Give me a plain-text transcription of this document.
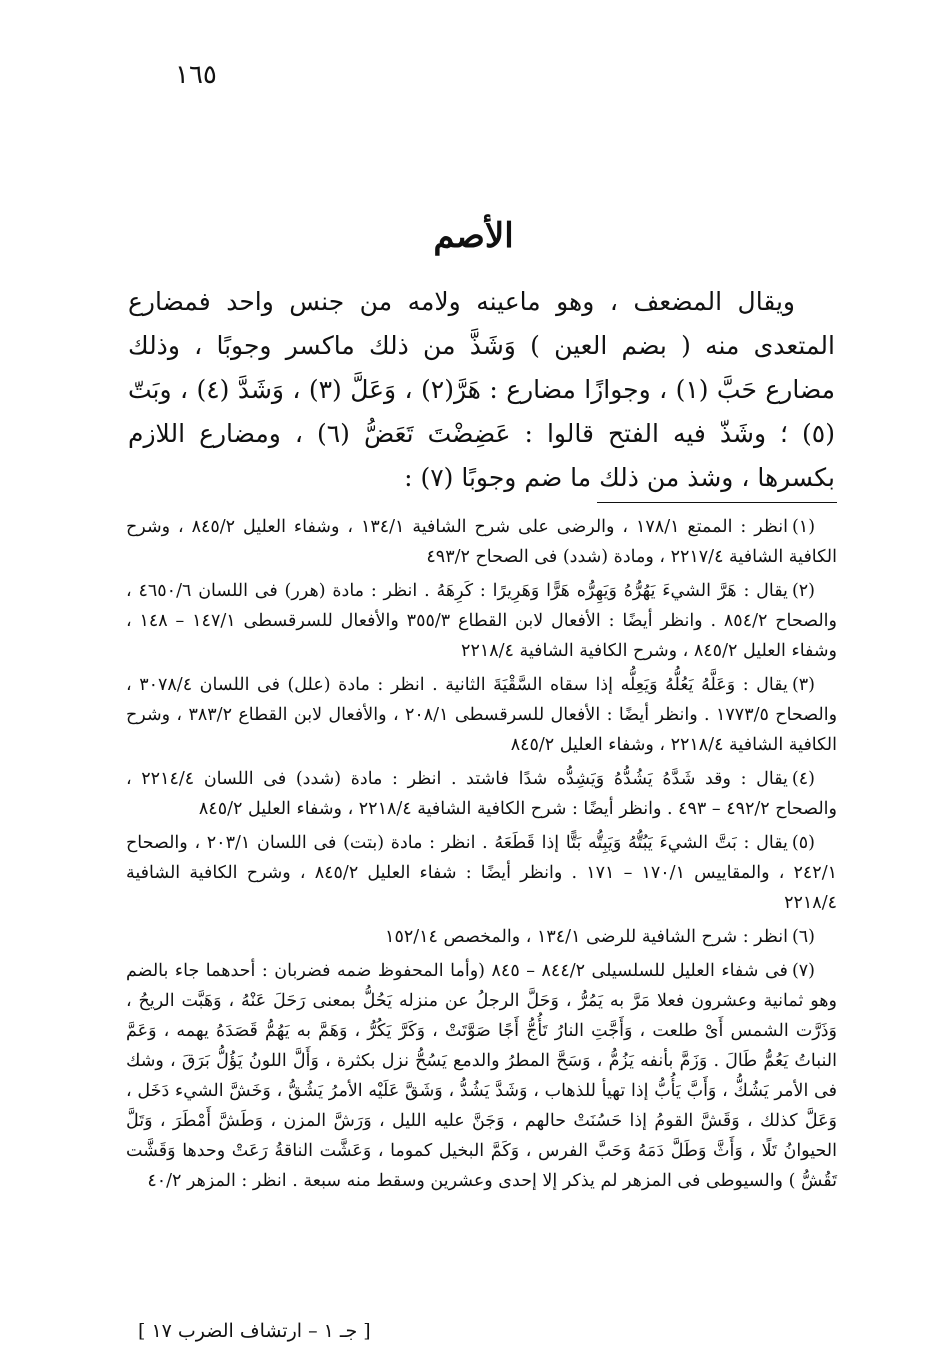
١٦٥
الأصم

ويقال المضعف ، وهو ماعينه ولامه من جنس واحد فمضارع المتعدى منه ( بضم العين ) وَشَذَّ من ذلك ماكسر وجوبًا ، وذلك مضارع حَبَّ (١) ، وجوازًا مضارع : هَرَّ(٢) ، وَعَلَّ (٣) ، وَشَدَّ (٤) ، وبَتّ (٥) ؛ وشَذّ فيه الفتح قالوا : عَضِضْتَ تَعَضُّ (٦) ، ومضارع اللازم بكسرها ، وشذ من ذلك ما ضم وجوبًا (٧) :

(١)انظر : الممتع ١٧٨/١ ، والرضى على شرح الشافية ١٣٤/١ ، وشفاء العليل ٨٤٥/٢ ، وشرح الكافية الشافية ٢٢١٧/٤ ، ومادة (شدد) فى الصحاح ٤٩٣/٢

(٢)يقال : هَرَّ الشيءَ يَهُرُّهُ وَيَهِرُّه هَرًّا وَهَرِيرًا : كَرِهَهُ . انظر : مادة (هرر) فى اللسان ٤٦٥٠/٦ ، والصحاح ٨٥٤/٢ . وانظر أيضًا : الأفعال لابن القطاع ٣٥٥/٣ والأفعال للسرقسطى ١٤٧/١ – ١٤٨ ، وشفاء العليل ٨٤٥/٢ ، وشرح الكافية الشافية ٢٢١٨/٤

(٣)يقال : وَعَلَّهُ يَعُلُّهُ وَيَعِلُّه إذا سقاه السَّقْيَةَ الثانية . انظر : مادة (علل) فى اللسان ٣٠٧٨/٤ ، والصحاح ١٧٧٣/٥ . وانظر أيضًا : الأفعال للسرقسطى ٢٠٨/١ ، والأفعال لابن القطاع ٣٨٣/٢ ، وشرح الكافية الشافية ٢٢١٨/٤ ، وشفاء العليل ٨٤٥/٢

(٤)يقال : وقد شَدَّهُ يَشُدُّهُ وَيَشِدُّه شدًا فاشتد . انظر : مادة (شدد) فى اللسان ٢٢١٤/٤ ، والصحاح ٤٩٢/٢ – ٤٩٣ . وانظر أيضًا : شرح الكافية الشافية ٢٢١٨/٤ ، وشفاء العليل ٨٤٥/٢

(٥)يقال : بَتَّ الشيءَ يَبُتُّهُ وَيَبِتُّه بَتًّا إذا قَطَعَهُ . انظر : مادة (بتت) فى اللسان ٢٠٣/١ ، والصحاح ٢٤٢/١ ، والمقاييس ١٧٠/١ – ١٧١ . وانظر أيضًا : شفاء العليل ٨٤٥/٢ ، وشرح الكافية الشافية ٢٢١٨/٤

(٦)انظر : شرح الشافية للرضى ١٣٤/١ ، والمخصص ١٥٢/١٤

(٧)فى شفاء العليل للسلسيلى ٨٤٤/٢ – ٨٤٥ (وأما المحفوظ ضمه فضربان : أحدهما جاء بالضم وهو ثمانية وعشرون فعلا مَرَّ به يَمُرُّ ، وَحَلَّ الرجلُ عن منزله يَحُلُّ بمعنى رَحَلَ عَنْهُ ، وَهَبَّت الريحُ ، وَذَرَّت الشمس أَىْ طلعت ، وَأَجَّتِ النارُ تَأُجُّ أَجًا صَوَّتَتْ ، وَكَرَّ يَكُرُّ ، وَهَمَّ به يَهُمُّ قَصَدَهُ يهمه ، وَعَمَّ النباتُ يَعُمُّ طَالَ . وَزَمَّ بأنفه يَزُمُّ ، وَسَحَّ المطرُ والدمع يَسُحُّ نزل بكثرة ، وَأَلَّ اللونُ يَؤُلُّ بَرَقَ ، وشك فى الأمر يَشُكُّ ، وَأَبَّ يَأُبُّ إذا تهيأ للذهاب ، وَشَدَّ يَشُدُّ ، وَشَقَّ عَلَيْه الأمرُ يَشُقُّ ، وَخَشَّ الشيء دَخَل ، وَعَلَّ كذلك ، وَقَشَّ القومُ إذا حَسُنَتْ حالهم ، وَجَنَّ عليه الليل ، وَرَشَّ المزن ، وَطَشَّ أَمْطَرَ ، وَتَلَّ الحيوانُ تَلًا ، وَأَثَّ وَطَلَّ دَمَهُ وَحَبَّ الفرس ، وَكَمَّ البخيل كموما ، وَعَشَّت الناقةُ رَعَتْ وحدها وَقَشَّت تَقُشُّ ) والسيوطى فى المزهر لم يذكر إلا إحدى وعشرين وسقط منه سبعة . انظر : المزهر ٤٠/٢

[ جـ ١ – ارتشاف الضرب ١٧ ]
